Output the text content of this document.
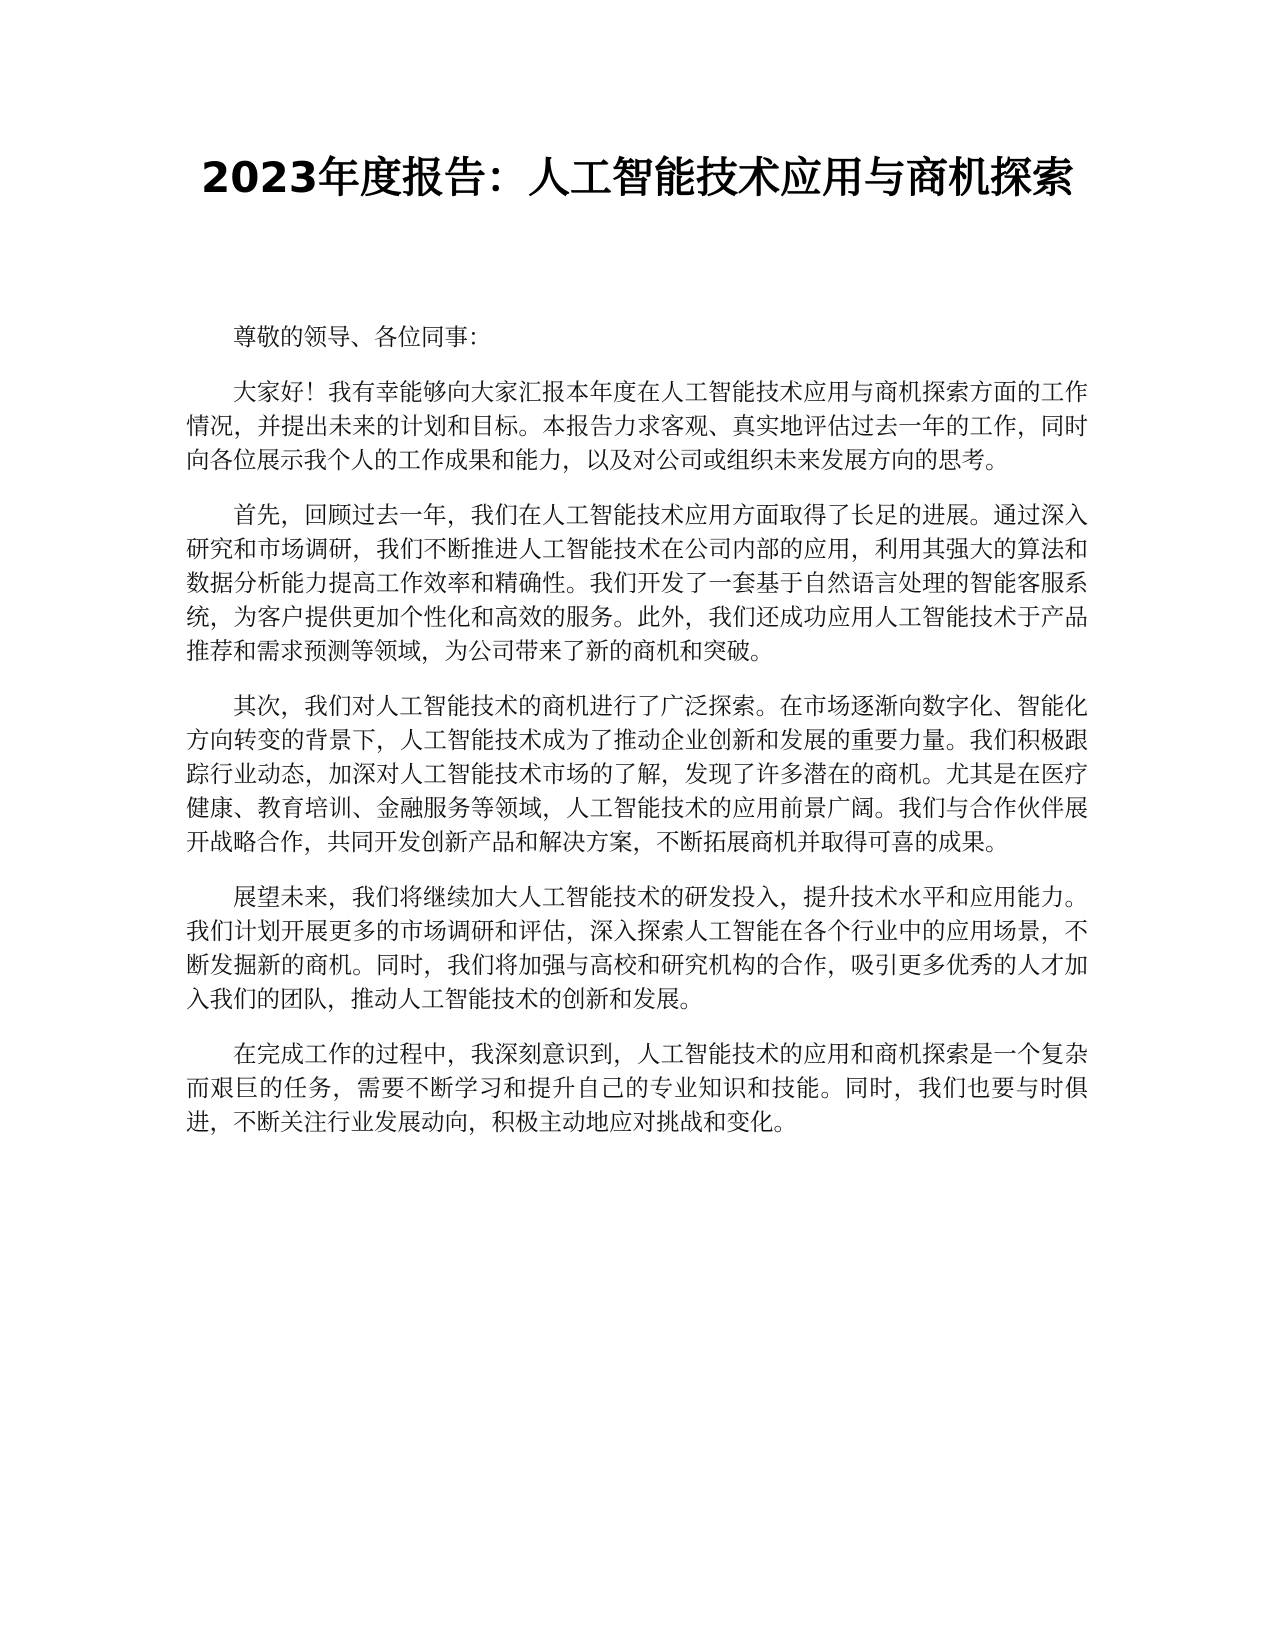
2023年度报告：人工智能技术应用与商机探索

尊敬的领导、各位同事：

大家好！我有幸能够向大家汇报本年度在人工智能技术应用与商机探索方面的工作情况，并提出未来的计划和目标。本报告力求客观、真实地评估过去一年的工作，同时向各位展示我个人的工作成果和能力，以及对公司或组织未来发展方向的思考。

首先，回顾过去一年，我们在人工智能技术应用方面取得了长足的进展。通过深入研究和市场调研，我们不断推进人工智能技术在公司内部的应用，利用其强大的算法和数据分析能力提高工作效率和精确性。我们开发了一套基于自然语言处理的智能客服系统，为客户提供更加个性化和高效的服务。此外，我们还成功应用人工智能技术于产品推荐和需求预测等领域，为公司带来了新的商机和突破。

其次，我们对人工智能技术的商机进行了广泛探索。在市场逐渐向数字化、智能化方向转变的背景下，人工智能技术成为了推动企业创新和发展的重要力量。我们积极跟踪行业动态，加深对人工智能技术市场的了解，发现了许多潜在的商机。尤其是在医疗健康、教育培训、金融服务等领域，人工智能技术的应用前景广阔。我们与合作伙伴展开战略合作，共同开发创新产品和解决方案，不断拓展商机并取得可喜的成果。

展望未来，我们将继续加大人工智能技术的研发投入，提升技术水平和应用能力。我们计划开展更多的市场调研和评估，深入探索人工智能在各个行业中的应用场景，不断发掘新的商机。同时，我们将加强与高校和研究机构的合作，吸引更多优秀的人才加入我们的团队，推动人工智能技术的创新和发展。

在完成工作的过程中，我深刻意识到，人工智能技术的应用和商机探索是一个复杂而艰巨的任务，需要不断学习和提升自己的专业知识和技能。同时，我们也要与时俱进，不断关注行业发展动向，积极主动地应对挑战和变化。
